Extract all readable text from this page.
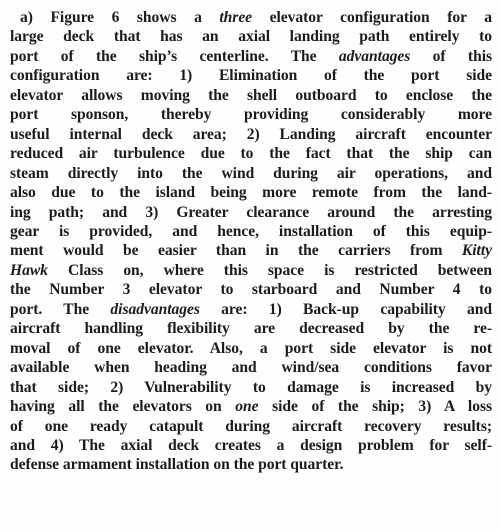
a) Figure 6 shows a three elevator configuration for a
large deck that has an axial landing path entirely to
port of the ship’s centerline. The advantages of this
configuration are: 1) Elimination of the port side
elevator allows moving the shell outboard to enclose the
port sponson, thereby providing considerably more
useful internal deck area; 2) Landing aircraft encounter
reduced air turbulence due to the fact that the ship can
steam directly into the wind during air operations, and
also due to the island being more remote from the land-
ing path; and 3) Greater clearance around the arresting
gear is provided, and hence, installation of this equip-
ment would be easier than in the carriers from Kitty
Hawk Class on, where this space is restricted between
the Number 3 elevator to starboard and Number 4 to
port. The disadvantages are: 1) Back-up capability and
aircraft handling flexibility are decreased by the re-
moval of one elevator. Also, a port side elevator is not
available when heading and wind/sea conditions favor
that side; 2) Vulnerability to damage is increased by
having all the elevators on one side of the ship; 3) A loss
of one ready catapult during aircraft recovery results;
and 4) The axial deck creates a design problem for self-
defense armament installation on the port quarter.
